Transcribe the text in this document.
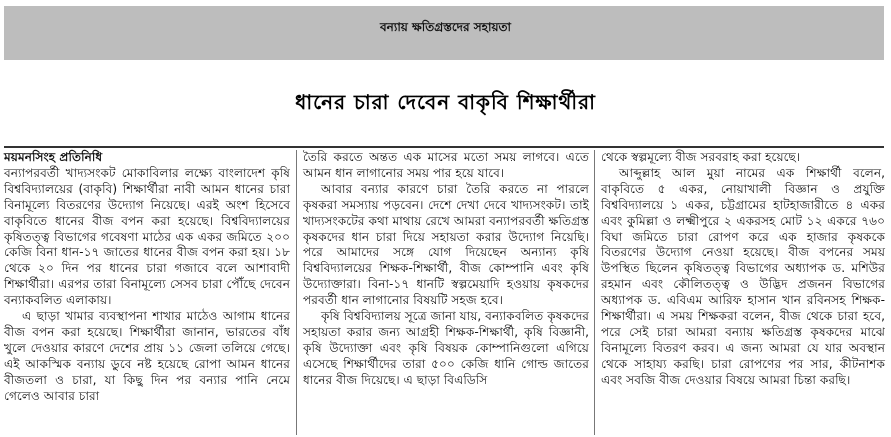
বন্যায় ক্ষতিগ্রস্তদের সহায়তা
ধানের চারা দেবেন বাকৃবি শিক্ষার্থীরা

ময়মনসিংহ প্রতিনিধি

বন্যাপরবর্তী খাদ্যসংকট মোকাবিলার লক্ষ্যে বাংলাদেশ কৃষি বিশ্ববিদ্যালয়ের (বাকৃবি) শিক্ষার্থীরা নাবী আমন ধানের চারা বিনামূল্যে বিতরণের উদ্যোগ নিয়েছে। এরই অংশ হিসেবে বাকৃবিতে ধানের বীজ বপন করা হয়েছে। বিশ্ববিদ্যালয়ের কৃষিতত্ত্ব বিভাগের গবেষণা মাঠের এক একর জমিতে ২০০ কেজি বিনা ধান-১৭ জাতের ধানের বীজ বপন করা হয়। ১৮ থেকে ২০ দিন পর ধানের চারা গজাবে বলে আশাবাদী শিক্ষার্থীরা। এরপর তারা বিনামূল্যে সেসব চারা পৌঁছে দেবেন বন্যাকবলিত এলাকায়।

এ ছাড়া খামার ব্যবস্থাপনা শাখার মাঠেও আগাম ধানের বীজ বপন করা হয়েছে। শিক্ষার্থীরা জানান, ভারতের বাঁধ খুলে দেওয়ার কারণে দেশের প্রায় ১১ জেলা তলিয়ে গেছে। এই আকস্মিক বন্যায় ডুবে নষ্ট হয়েছে রোপা আমন ধানের বীজতলা ও চারা, যা কিছু দিন পর বন্যার পানি নেমে গেলেও আবার চারা

তৈরি করতে অন্তত এক মাসের মতো সময় লাগবে। এতে আমন ধান লাগানোর সময় পার হয়ে যাবে।

আবার বন্যার কারণে চারা তৈরি করতে না পারলে কৃষকরা সমস্যায় পড়বেন। দেশে দেখা দেবে খাদ্যসংকট। তাই খাদ্যসংকটের কথা মাথায় রেখে আমরা বন্যাপরবর্তী ক্ষতিগ্রস্ত কৃষকদের ধান চারা দিয়ে সহায়তা করার উদ্যোগ নিয়েছি। পরে আমাদের সঙ্গে যোগ দিয়েছেন অন্যান্য কৃষি বিশ্ববিদ্যালয়ের শিক্ষক-শিক্ষার্থী, বীজ কোম্পানি এবং কৃষি উদ্যোক্তারা। বিনা-১৭ ধানটি স্বল্পমেয়াদি হওয়ায় কৃষকদের পরবর্তী ধান লাগানোর বিষয়টি সহজ হবে।

কৃষি বিশ্ববিদ্যালয় সূত্রে জানা যায়, বন্যাকবলিত কৃষকদের সহায়তা করার জন্য আগ্রহী শিক্ষক-শিক্ষার্থী, কৃষি বিজ্ঞানী, কৃষি উদ্যোক্তা এবং কৃষি বিষয়ক কোম্পানিগুলো এগিয়ে এসেছে শিক্ষার্থীদের তারা ৫০০ কেজি ধানি গোল্ড জাতের ধানের বীজ দিয়েছে। এ ছাড়া বিএডিসি

থেকে স্বল্পমূল্যে বীজ সরবরাহ করা হয়েছে।

আব্দুল্লাহ আল মুয়া নামের এক শিক্ষার্থী বলেন, বাকৃবিতে ৫ একর, নোয়াখালী বিজ্ঞান ও প্রযুক্তি বিশ্ববিদ্যালয়ে ১ একর, চট্টগ্রামের হাটহাজারীতে ৪ একর এবং কুমিল্লা ও লক্ষ্মীপুরে ২ একরসহ মোট ১২ একরে ৭৬০ বিঘা জমিতে চারা রোপণ করে এক হাজার কৃষককে বিতরণের উদ্যোগ নেওয়া হয়েছে। বীজ বপনের সময় উপস্থিত ছিলেন কৃষিতত্ত্ব বিভাগের অধ্যাপক ড. মশিউর রহমান এবং কৌলিতত্ত্ব ও উদ্ভিদ প্রজনন বিভাগের অধ্যাপক ড. এবিএম আরিফ হাসান খান রবিনসহ শিক্ষক-শিক্ষার্থীরা। এ সময় শিক্ষকরা বলেন, বীজ থেকে চারা হবে, পরে সেই চারা আমরা বন্যায় ক্ষতিগ্রস্ত কৃষকদের মাঝে বিনামূল্যে বিতরণ করব। এ জন্য আমরা যে যার অবস্থান থেকে সাহায্য করছি। চারা রোপণের পর সার, কীটনাশক এবং সবজি বীজ দেওয়ার বিষয়ে আমরা চিন্তা করছি।
